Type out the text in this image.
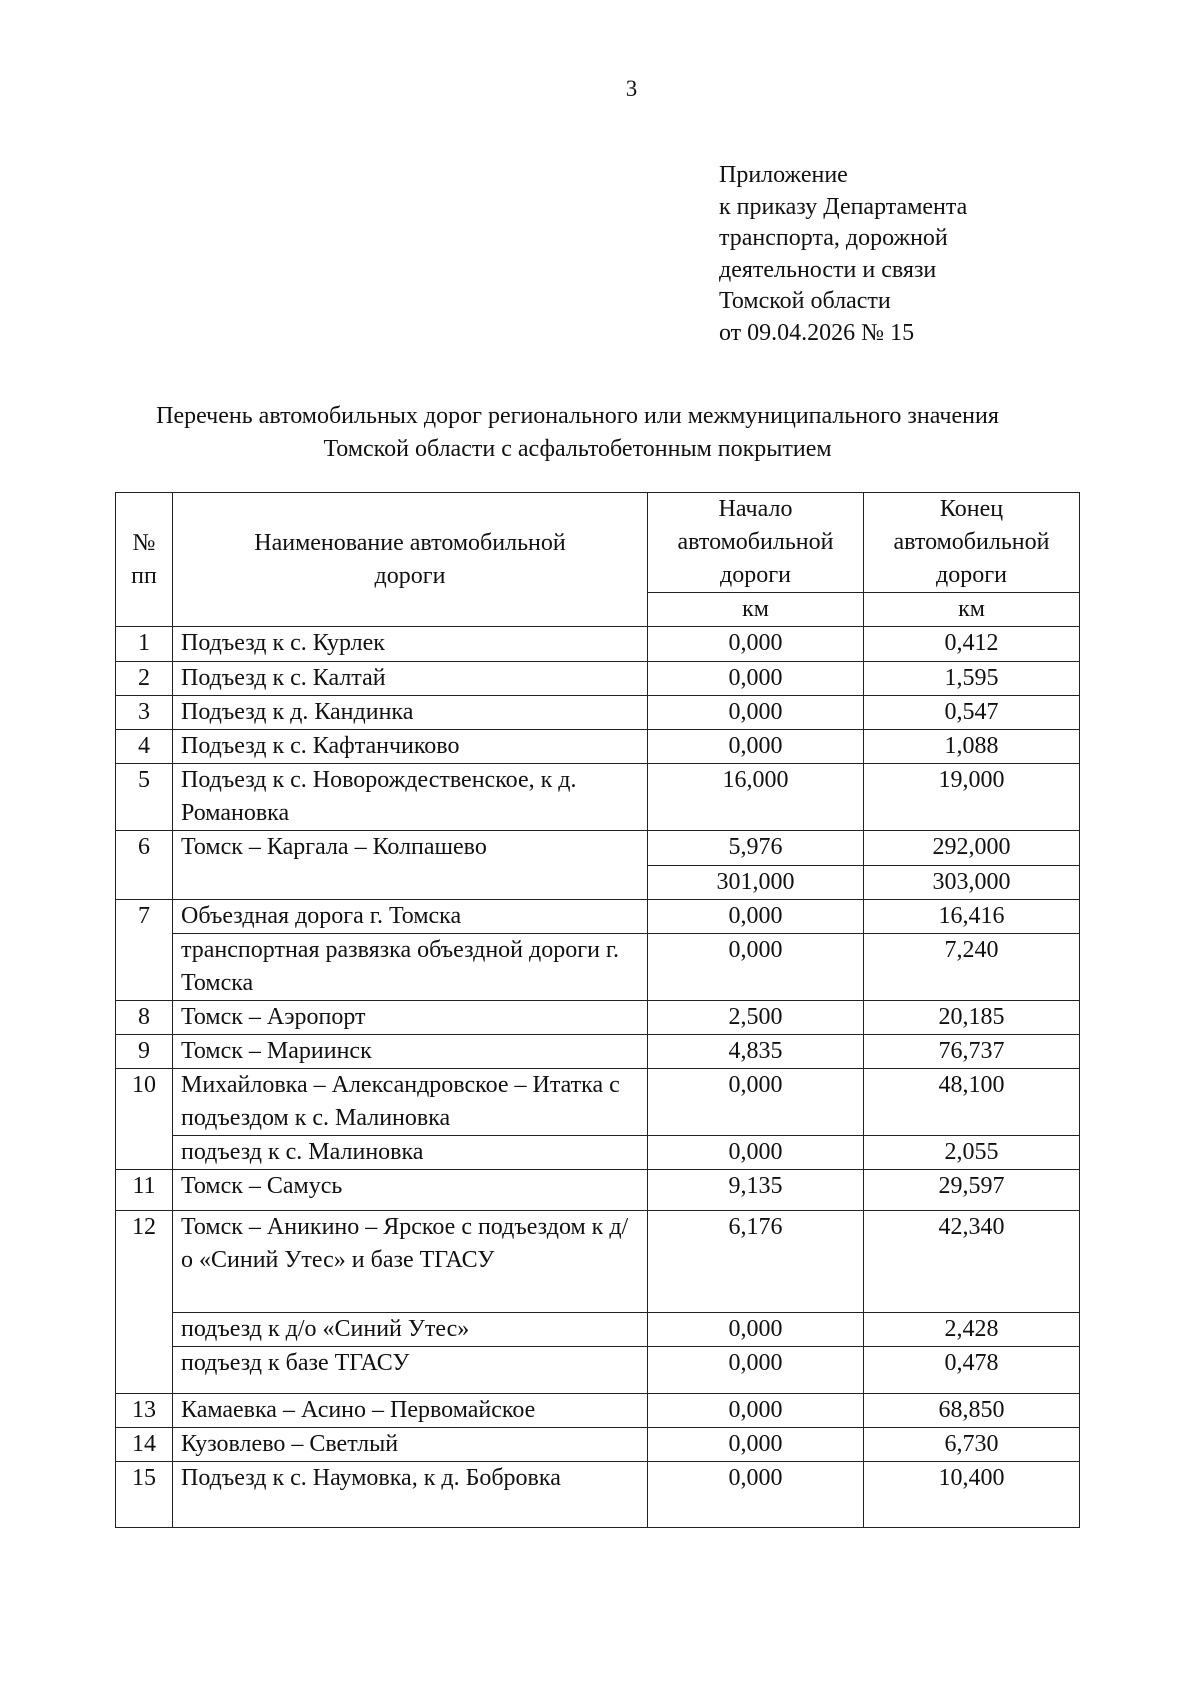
3
Приложение
к приказу Департамента
транспорта, дорожной
деятельности и связи
Томской области
от 09.04.2026 № 15
Перечень автомобильных дорог регионального или межмуниципального значения
Томской области с асфальтобетонным покрытием
№ пп	Наименование автомобильной дороги	Начало автомобильной дороги	Конец автомобильной дороги
		км	км
1	Подъезд к с. Курлек	0,000	0,412
2	Подъезд к с. Калтай	0,000	1,595
3	Подъезд к д. Кандинка	0,000	0,547
4	Подъезд к с. Кафтанчиково	0,000	1,088
5	Подъезд к с. Новорождественское, к д. Романовка	16,000	19,000
6	Томск – Каргала – Колпашево	5,976	292,000
		301,000	303,000
7	Объездная дорога г. Томска	0,000	16,416
	транспортная развязка объездной дороги г. Томска	0,000	7,240
8	Томск – Аэропорт	2,500	20,185
9	Томск – Мариинск	4,835	76,737
10	Михайловка – Александровское – Итатка с подъездом к с. Малиновка	0,000	48,100
	подъезд к с. Малиновка	0,000	2,055
11	Томск – Самусь	9,135	29,597
12	Томск – Аникино – Ярское с подъездом к д/о «Синий Утес» и базе ТГАСУ	6,176	42,340
	подъезд к д/о «Синий Утес»	0,000	2,428
	подъезд к базе ТГАСУ	0,000	0,478
13	Камаевка – Асино – Первомайское	0,000	68,850
14	Кузовлево – Светлый	0,000	6,730
15	Подъезд к с. Наумовка, к д. Бобровка	0,000	10,400
